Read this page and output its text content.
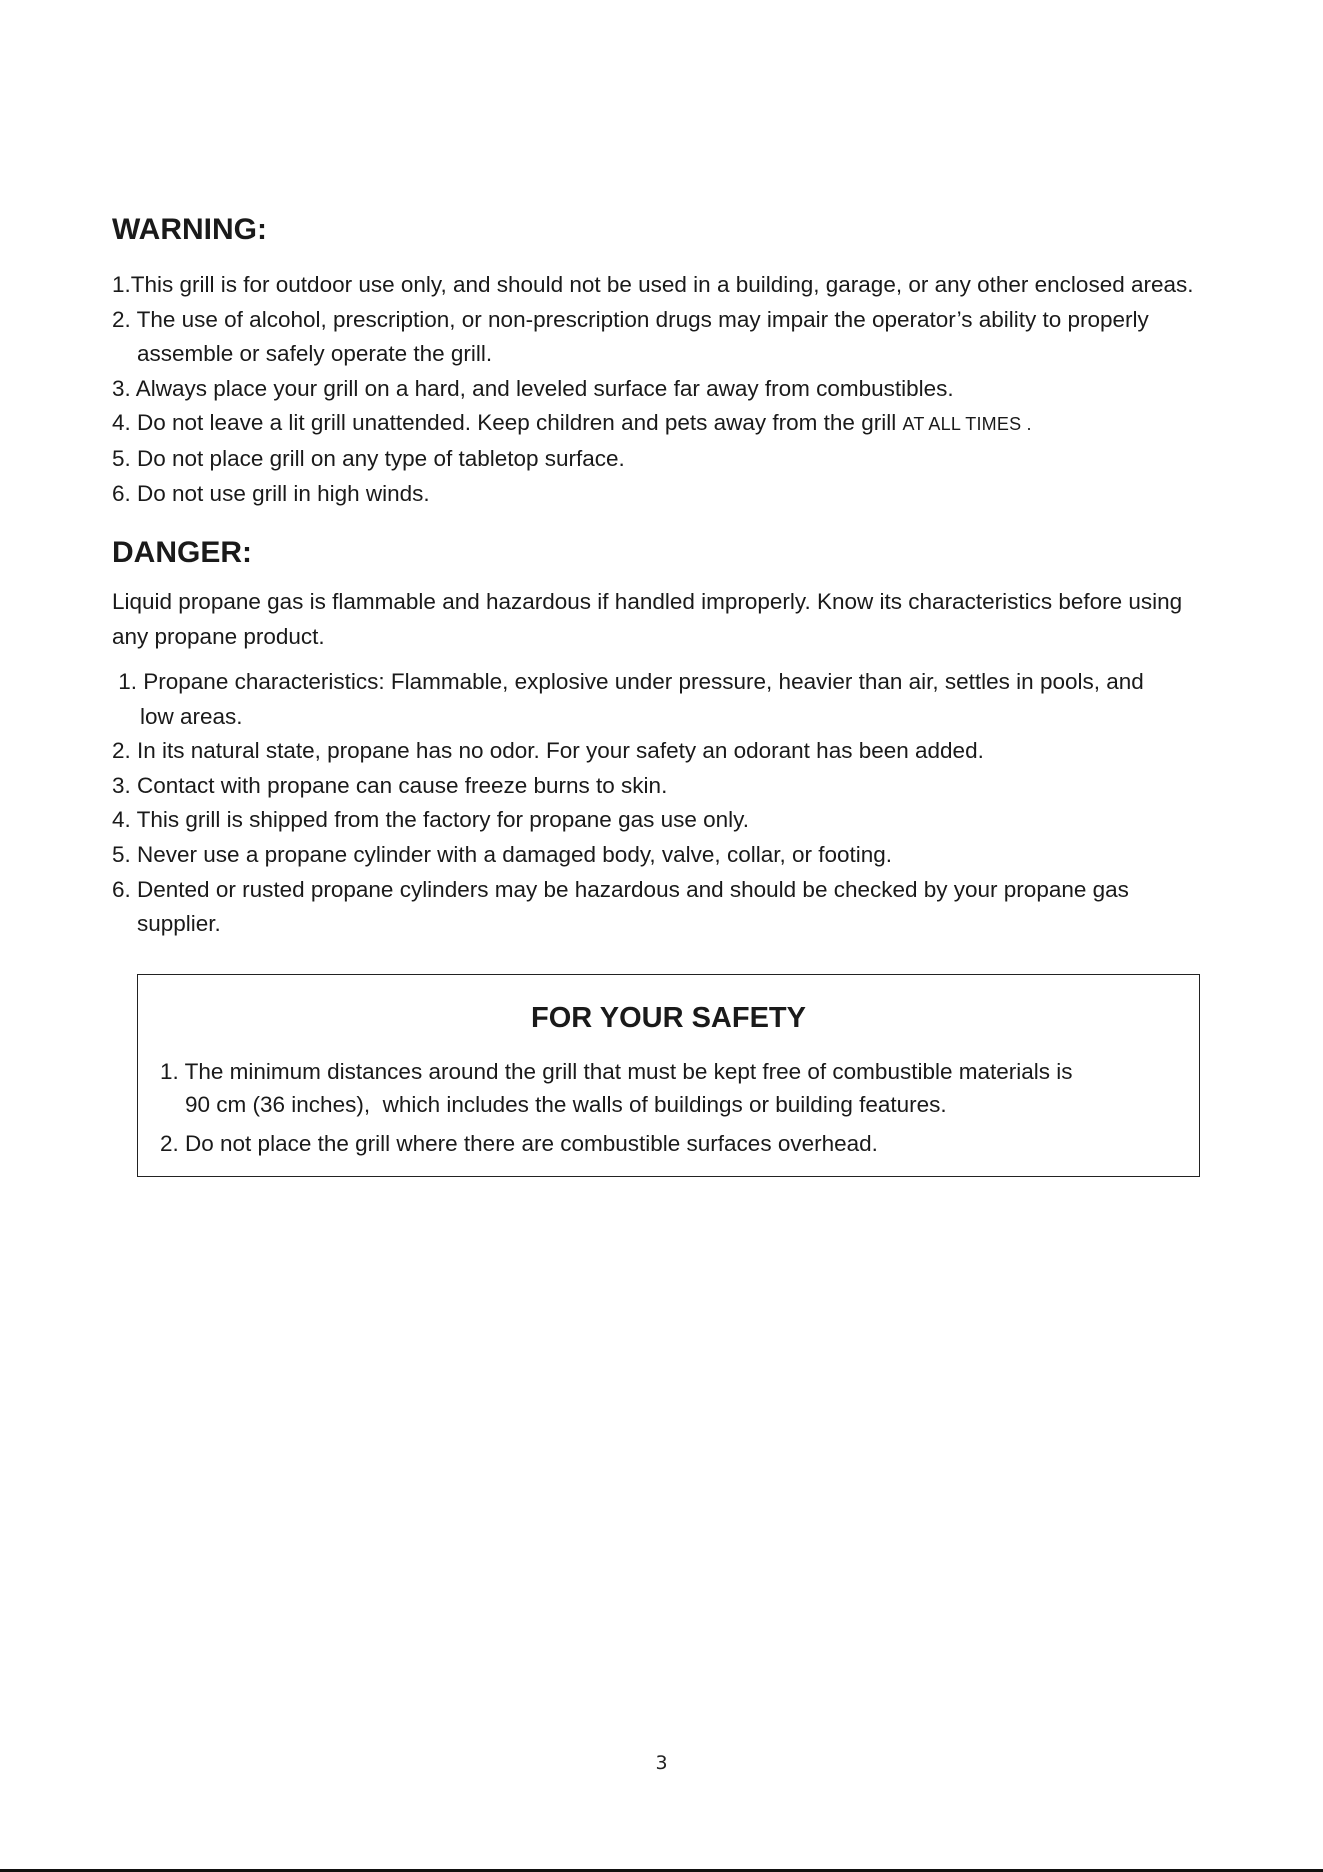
WARNING:

1.This grill is for outdoor use only, and should not be used in a building, garage, or any other enclosed areas.

2. The use of alcohol, prescription, or non-prescription drugs may impair the operator’s ability to properly

assemble or safely operate the grill.

3. Always place your grill on a hard, and leveled surface far away from combustibles.

4. Do not leave a lit grill unattended. Keep children and pets away from the grill AT ALL TIMES .

5. Do not place grill on any type of tabletop surface.

6. Do not use grill in high winds.

DANGER:

Liquid propane gas is flammable and hazardous if handled improperly. Know its characteristics before using

any propane product.

1. Propane characteristics: Flammable, explosive under pressure, heavier than air, settles in pools, and

low areas.

2. In its natural state, propane has no odor. For your safety an odorant has been added.

3. Contact with propane can cause freeze burns to skin.

4. This grill is shipped from the factory for propane gas use only.

5. Never use a propane cylinder with a damaged body, valve, collar, or footing.

6. Dented or rusted propane cylinders may be hazardous and should be checked by your propane gas

supplier.

FOR YOUR SAFETY

1. The minimum distances around the grill that must be kept free of combustible materials is

90 cm (36 inches),  which includes the walls of buildings or building features.

2. Do not place the grill where there are combustible surfaces overhead.

3
